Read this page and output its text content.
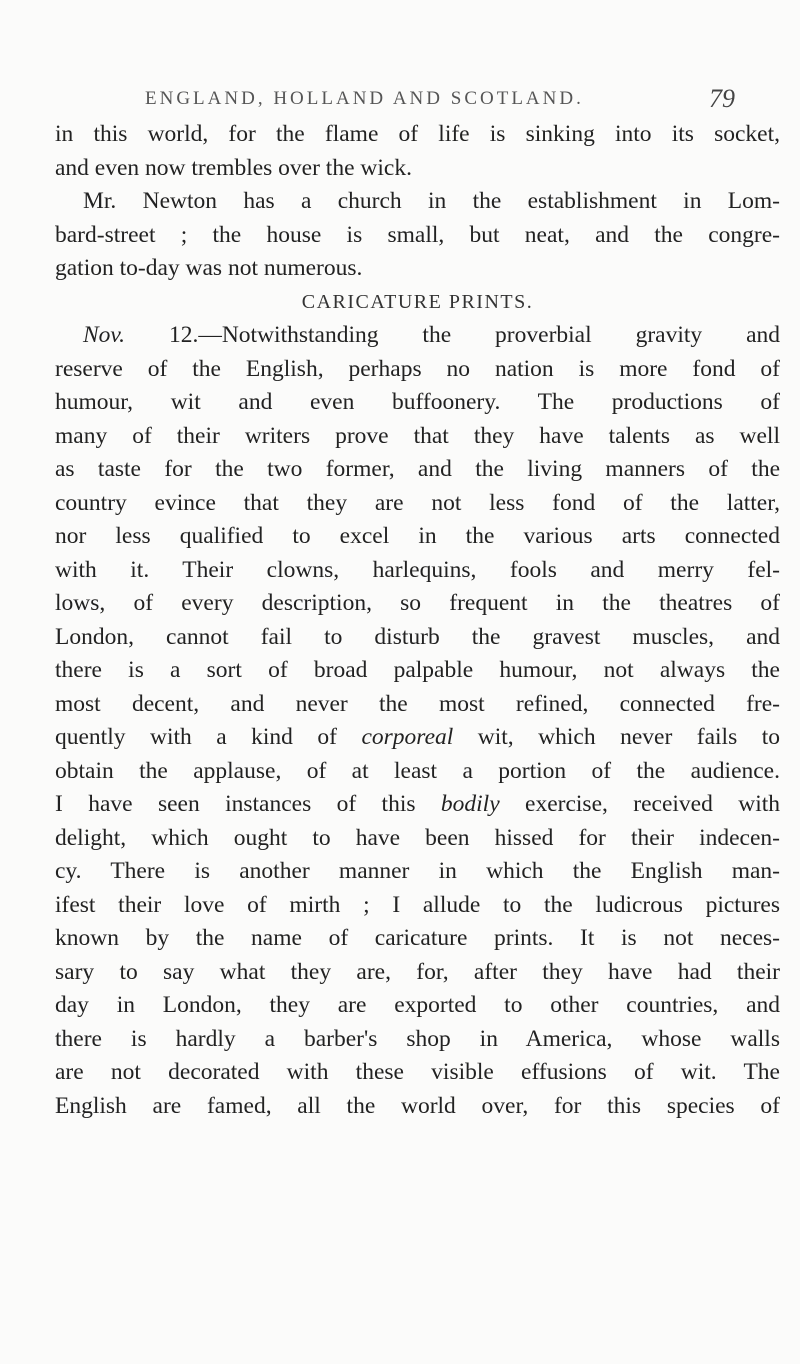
ENGLAND, HOLLAND AND SCOTLAND.	79
in this world, for the flame of life is sinking into its socket,
and even now trembles over the wick.
Mr. Newton has a church in the establishment in Lom-
bard-street ; the house is small, but neat, and the congre-
gation to-day was not numerous.
CARICATURE PRINTS.
Nov. 12.—Notwithstanding the proverbial gravity and
reserve of the English, perhaps no nation is more fond of
humour, wit and even buffoonery. The productions of
many of their writers prove that they have talents as well
as taste for the two former, and the living manners of the
country evince that they are not less fond of the latter,
nor less qualified to excel in the various arts connected
with it. Their clowns, harlequins, fools and merry fel-
lows, of every description, so frequent in the theatres of
London, cannot fail to disturb the gravest muscles, and
there is a sort of broad palpable humour, not always the
most decent, and never the most refined, connected fre-
quently with a kind of corporeal wit, which never fails to
obtain the applause, of at least a portion of the audience.
I have seen instances of this bodily exercise, received with
delight, which ought to have been hissed for their indecen-
cy. There is another manner in which the English man-
ifest their love of mirth ; I allude to the ludicrous pictures
known by the name of caricature prints. It is not neces-
sary to say what they are, for, after they have had their
day in London, they are exported to other countries, and
there is hardly a barber's shop in America, whose walls
are not decorated with these visible effusions of wit. The
English are famed, all the world over, for this species of
